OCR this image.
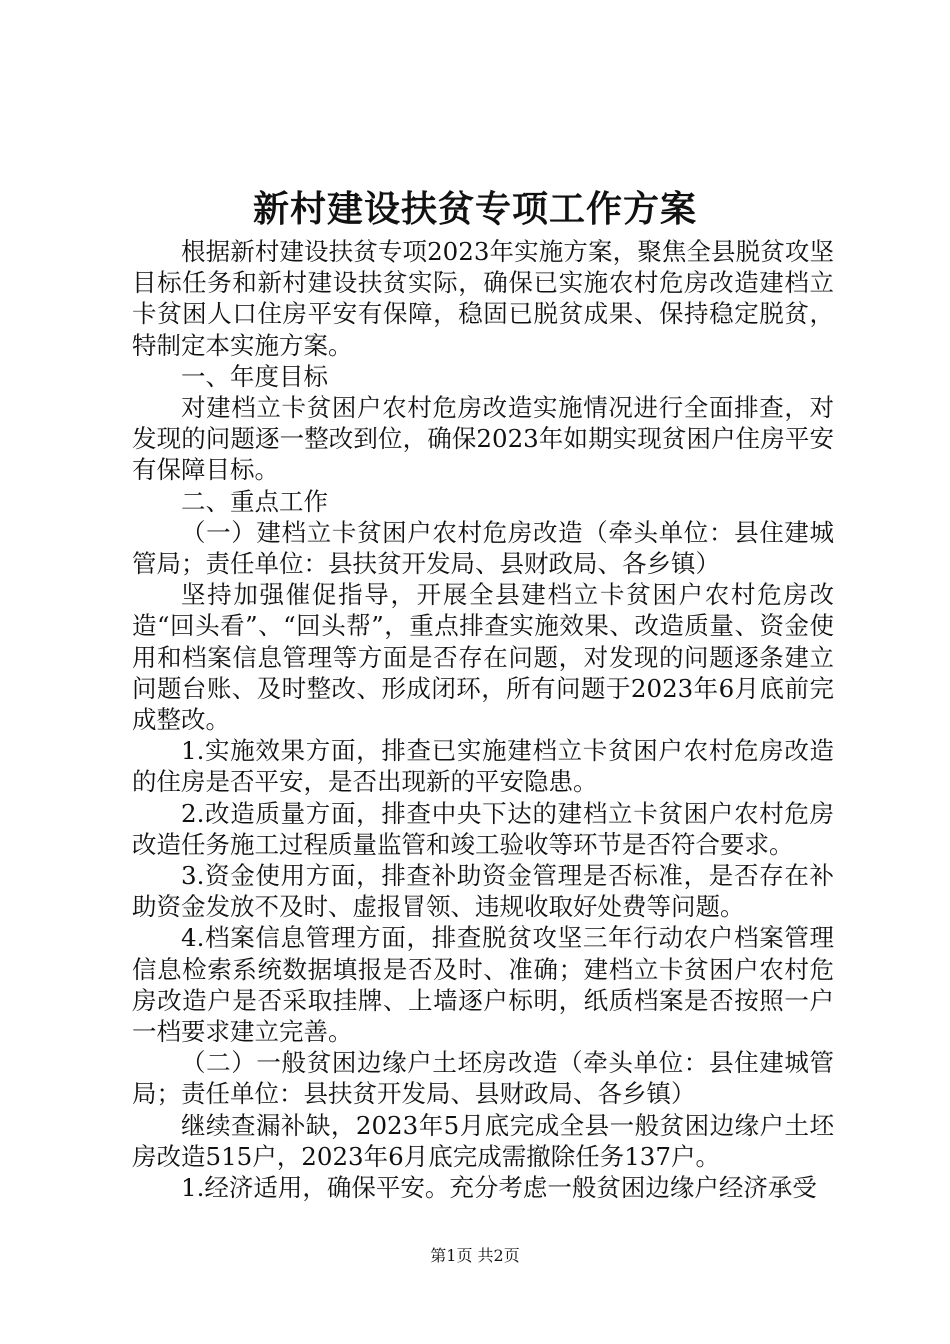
新村建设扶贫专项工作方案

根据新村建设扶贫专项2023年实施方案，聚焦全县脱贫攻坚目标任务和新村建设扶贫实际，确保已实施农村危房改造建档立卡贫困人口住房平安有保障，稳固已脱贫成果、保持稳定脱贫，特制定本实施方案。

一、年度目标

对建档立卡贫困户农村危房改造实施情况进行全面排查，对发现的问题逐一整改到位，确保2023年如期实现贫困户住房平安有保障目标。

二、重点工作

（一）建档立卡贫困户农村危房改造（牵头单位：县住建城管局；责任单位：县扶贫开发局、县财政局、各乡镇）

坚持加强催促指导，开展全县建档立卡贫困户农村危房改造“回头看”、“回头帮”，重点排查实施效果、改造质量、资金使用和档案信息管理等方面是否存在问题，对发现的问题逐条建立问题台账、及时整改、形成闭环，所有问题于2023年6月底前完成整改。

1.实施效果方面，排查已实施建档立卡贫困户农村危房改造的住房是否平安，是否出现新的平安隐患。

2.改造质量方面，排查中央下达的建档立卡贫困户农村危房改造任务施工过程质量监管和竣工验收等环节是否符合要求。

3.资金使用方面，排查补助资金管理是否标准，是否存在补助资金发放不及时、虚报冒领、违规收取好处费等问题。

4.档案信息管理方面，排查脱贫攻坚三年行动农户档案管理信息检索系统数据填报是否及时、准确；建档立卡贫困户农村危房改造户是否采取挂牌、上墙逐户标明，纸质档案是否按照一户一档要求建立完善。

（二）一般贫困边缘户土坯房改造（牵头单位：县住建城管局；责任单位：县扶贫开发局、县财政局、各乡镇）

继续查漏补缺，2023年5月底完成全县一般贫困边缘户土坯房改造515户，2023年6月底完成需撤除任务137户。

1.经济适用，确保平安。充分考虑一般贫困边缘户经济承受

第1页 共2页
